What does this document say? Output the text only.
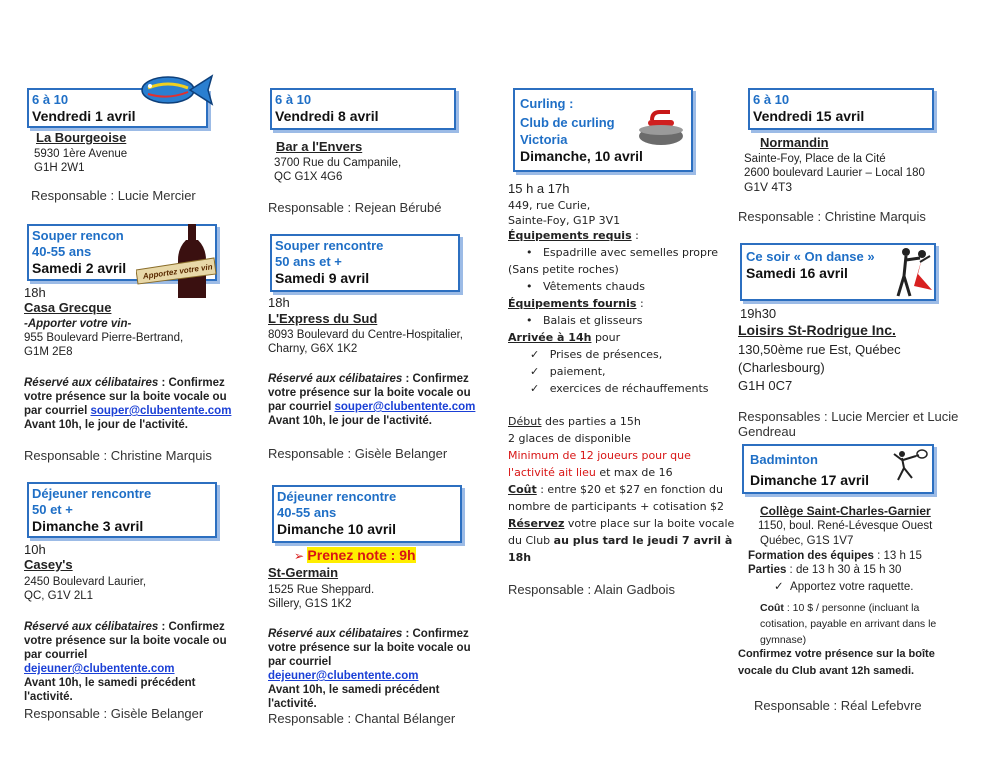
6 à 10
Vendredi 1 avril
La Bourgeoise
5930 1ère Avenue
G1H 2W1
Responsable : Lucie Mercier
Souper rencon
40-55 ans
Samedi 2 avril	Apportez votre vin
18h
Casa Grecque
-Apporter votre vin-
955 Boulevard Pierre-Bertrand,
G1M 2E8
Réservé aux célibataires : Confirmez
votre présence sur la boite vocale ou
par courriel souper@clubentente.com
Avant 10h, le jour de l'activité.
Responsable : Christine Marquis
Déjeuner rencontre
50 et +
Dimanche 3 avril
10h
Casey's
2450 Boulevard Laurier,
QC, G1V 2L1
Réservé aux célibataires : Confirmez
votre présence sur la boite vocale ou
par courriel
dejeuner@clubentente.com
Avant 10h, le samedi précédent
l'activité.
Responsable : Gisèle Belanger
6 à 10
Vendredi 8 avril
Bar a l'Envers
3700 Rue du Campanile,
QC G1X 4G6
Responsable : Rejean Bérubé
Souper rencontre
50 ans et +
Samedi 9 avril
18h
L'Express du Sud
8093 Boulevard du Centre-Hospitalier,
Charny, G6X 1K2
Réservé aux célibataires : Confirmez
votre présence sur la boite vocale ou
par courriel souper@clubentente.com
Avant 10h, le jour de l'activité.
Responsable : Gisèle Belanger
Déjeuner rencontre
40-55 ans
Dimanche 10 avril
➢ Prenez note : 9h
St-Germain
1525 Rue Sheppard.
Sillery, G1S 1K2
Réservé aux célibataires : Confirmez
votre présence sur la boite vocale ou
par courriel
dejeuner@clubentente.com
Avant 10h, le samedi précédent
l'activité.
Responsable : Chantal Bélanger
Curling :
Club de curling
Victoria
Dimanche, 10 avril
15 h a 17h
449, rue Curie,
Sainte-Foy, G1P 3V1
Équipements requis :
•   Espadrille avec semelles propre
(Sans petite roches)
•   Vêtements chauds
Équipements fournis :
•   Balais et glisseurs
Arrivée à 14h pour
✓ Prises de présences,
✓ paiement,
✓ exercices de réchauffements
Début des parties a 15h
2 glaces de disponible
Minimum de 12 joueurs pour que
l'activité ait lieu et max de 16
Coût : entre $20 et $27 en fonction du
nombre de participants + cotisation $2
Réservez votre place sur la boite vocale
du Club au plus tard le jeudi 7 avril à
18h
Responsable : Alain Gadbois
6 à 10
Vendredi 15 avril
Normandin
Sainte-Foy, Place de la Cité
2600 boulevard Laurier – Local 180
G1V 4T3
Responsable : Christine Marquis
Ce soir « On danse »
Samedi 16 avril
19h30
Loisirs St-Rodrigue Inc.
130,50ème rue Est, Québec
(Charlesbourg)
G1H 0C7
Responsables : Lucie Mercier et Lucie
Gendreau
Badminton
Dimanche 17 avril
Collège Saint-Charles-Garnier
1150, boul. René-Lévesque Ouest
Québec, G1S 1V7
Formation des équipes : 13 h 15
Parties : de 13 h 30 à 15 h 30
✓ Apportez votre raquette.
Coût : 10 $ / personne (incluant la
cotisation, payable en arrivant dans le
gymnase)
Confirmez votre présence sur la boîte
vocale du Club avant 12h samedi.
Responsable : Réal Lefebvre
